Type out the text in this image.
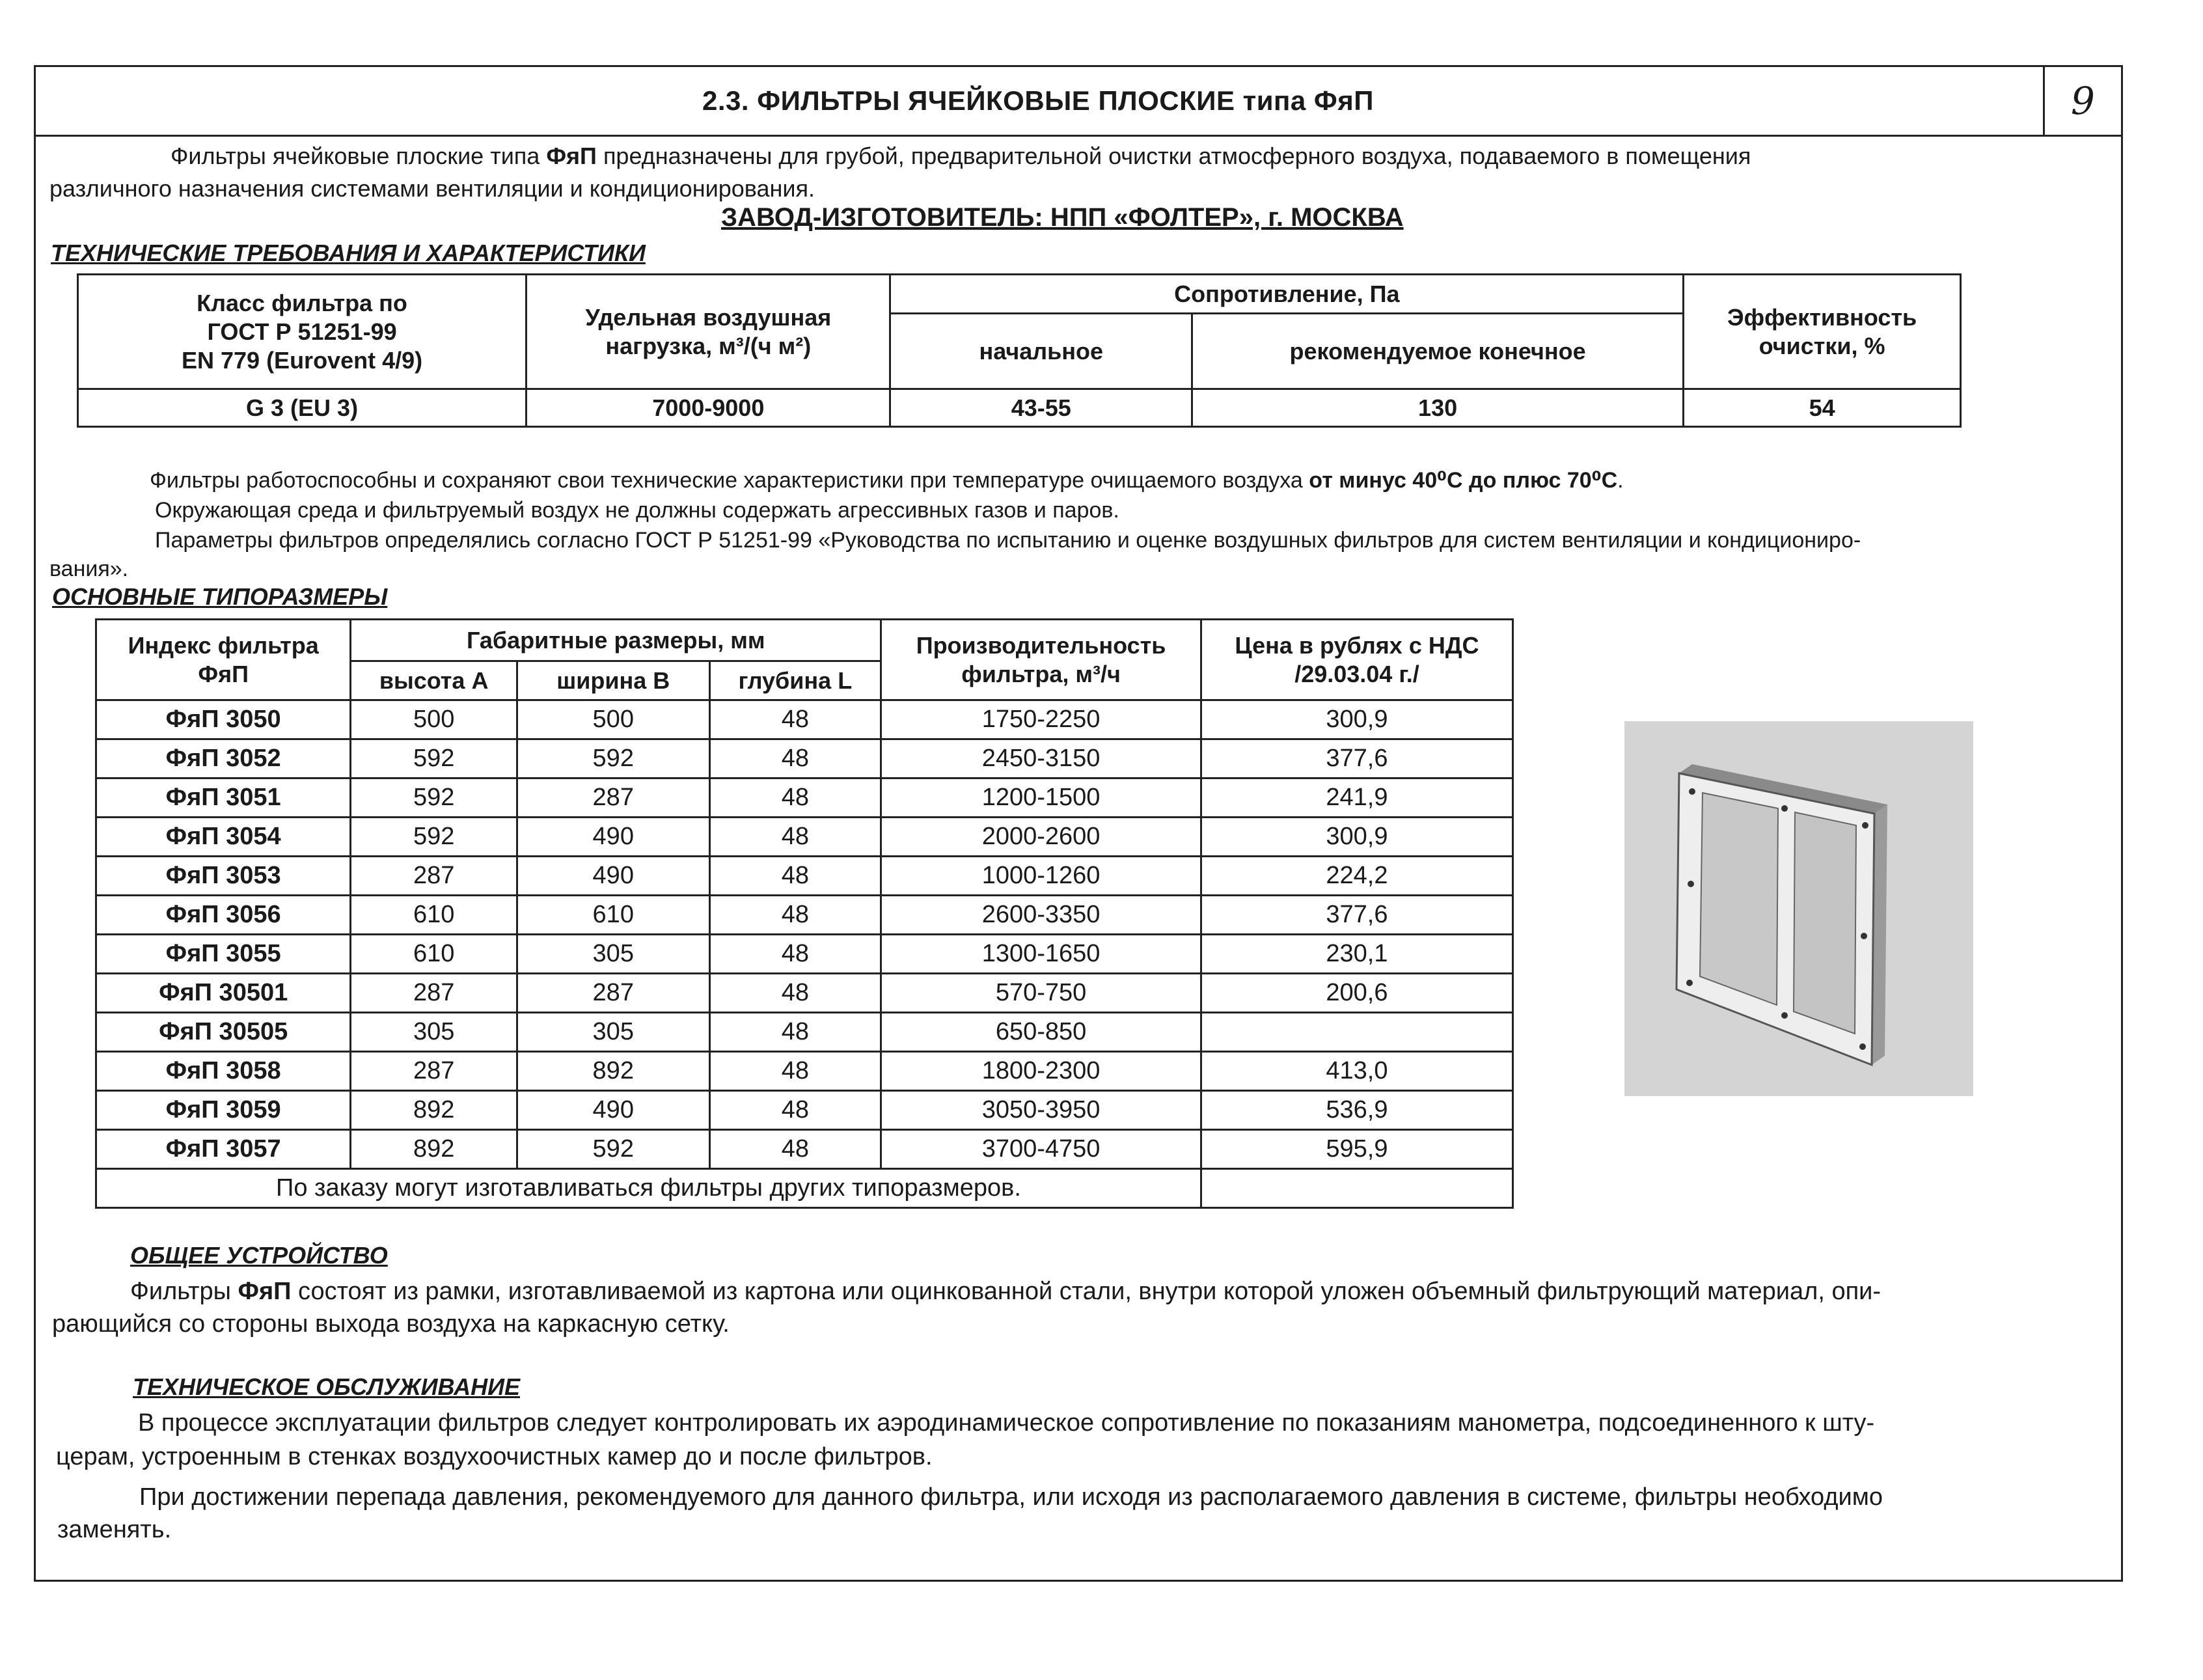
2.3. ФИЛЬТРЫ ЯЧЕЙКОВЫЕ ПЛОСКИЕ типа ФяП	9
Фильтры ячейковые плоские типа ФяП предназначены для грубой, предварительной очистки атмосферного воздуха, подаваемого в помещения
различного назначения системами вентиляции и кондиционирования.
ЗАВОД-ИЗГОТОВИТЕЛЬ: НПП «ФОЛТЕР», г. МОСКВА
ТЕХНИЧЕСКИЕ ТРЕБОВАНИЯ И ХАРАКТЕРИСТИКИ
Класс фильтра по
ГОСТ Р 51251-99
EN 779 (Eurovent 4/9)	Удельная воздушная нагрузка, м³/(ч м²)	Сопротивление, Па		Эффективность очистки, %
		начальное	рекомендуемое конечное	
G 3 (EU 3)	7000-9000	43-55	130	54
Фильтры работоспособны и сохраняют свои технические характеристики при температуре очищаемого воздуха от минус 40⁰С до плюс 70⁰С.
Окружающая среда и фильтруемый воздух не должны содержать агрессивных газов и паров.
Параметры фильтров определялись согласно ГОСТ Р 51251-99 «Руководства по испытанию и оценке воздушных фильтров для систем вентиляции и кондициониро-
вания».
ОСНОВНЫЕ ТИПОРАЗМЕРЫ
Индекс фильтра ФяП	Габаритные размеры, мм			Производительность фильтра, м³/ч	Цена в рублях с НДС /29.03.04 г./
	высота А	ширина В	глубина L		
ФяП 3050	500	500	48	1750-2250	300,9
ФяП 3052	592	592	48	2450-3150	377,6
ФяП 3051	592	287	48	1200-1500	241,9
ФяП 3054	592	490	48	2000-2600	300,9
ФяП 3053	287	490	48	1000-1260	224,2
ФяП 3056	610	610	48	2600-3350	377,6
ФяП 3055	610	305	48	1300-1650	230,1
ФяП 30501	287	287	48	570-750	200,6
ФяП 30505	305	305	48	650-850	
ФяП 3058	287	892	48	1800-2300	413,0
ФяП 3059	892	490	48	3050-3950	536,9
ФяП 3057	892	592	48	3700-4750	595,9
По заказу могут изготавливаться фильтры других типоразмеров.					
ОБЩЕЕ УСТРОЙСТВО
Фильтры ФяП состоят из рамки, изготавливаемой из картона или оцинкованной стали, внутри которой уложен объемный фильтрующий материал, опи-
рающийся со стороны выхода воздуха на каркасную сетку.
ТЕХНИЧЕСКОЕ ОБСЛУЖИВАНИЕ
В процессе эксплуатации фильтров следует контролировать их аэродинамическое сопротивление по показаниям манометра, подсоединенного к шту-
церам, устроенным в стенках воздухоочистных камер до и после фильтров.
При достижении перепада давления, рекомендуемого для данного фильтра, или исходя из располагаемого давления в системе, фильтры необходимо
заменять.
